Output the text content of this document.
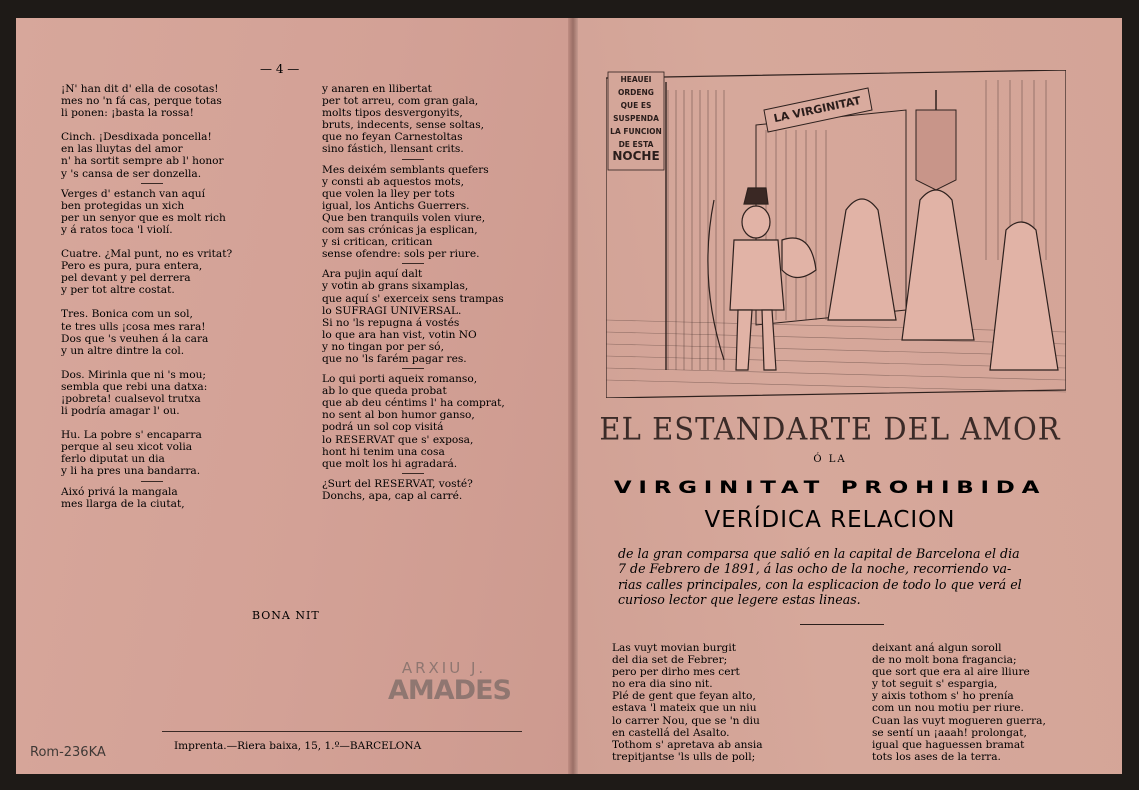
— 4 —

¡N' han dit d' ella de cosotas!

mes no 'n fá cas, perque totas

li ponen: ¡basta la rossa!

Cinch. ¡Desdixada poncella!

en las lluytas del amor

n' ha sortit sempre ab l' honor

y 's cansa de ser donzella.

Verges d' estanch van aquí

ben protegidas un xich

per un senyor que es molt rich

y á ratos toca 'l violí.

Cuatre. ¿Mal punt, no es vritat?

Pero es pura, pura entera,

pel devant y pel derrera

y per tot altre costat.

Tres. Bonica com un sol,

te tres ulls ¡cosa mes rara!

Dos que 's veuhen á la cara

y un altre dintre la col.

Dos. Mirinla que ni 's mou;

sembla que rebi una datxa:

¡pobreta! cualsevol trutxa

li podría amagar l' ou.

Hu. La pobre s' encaparra

perque al seu xicot volia

ferlo diputat un dia

y li ha pres una bandarra.

Aixó privá la mangala

mes llarga de la ciutat,

y anaren en llibertat

per tot arreu, com gran gala,

molts tipos desvergonyits,

bruts, indecents, sense soltas,

que no feyan Carnestoltas

sino fástich, llensant crits.

Mes deixém semblants quefers

y consti ab aquestos mots,

que volen la lley per tots

igual, los Antichs Guerrers.

Que ben tranquils volen viure,

com sas crónicas ja esplican,

y si critican, critican

sense ofendre: sols per riure.

Ara pujin aquí dalt

y votin ab grans sixamplas,

que aquí s' exerceix sens trampas

lo SUFRAGI UNIVERSAL.

Si no 'ls repugna á vostés

lo que ara han vist, votin NO

y no tingan por per só,

que no 'ls farém pagar res.

Lo qui porti aqueix romanso,

ab lo que queda probat

que ab deu céntims l' ha comprat,

no sent al bon humor ganso,

podrá un sol cop visitá

lo RESERVAT que s' exposa,

hont hi tenim una cosa

que molt los hi agradará.

¿Surt del RESERVAT, vosté?

Donchs, apa, cap al carré.

BONA NIT
ARXIU J.
AMADES
Imprenta.—Riera baixa, 15, 1.º—BARCELONA
Rom-236KA
HEAUEI
ORDENG
QUE ES
SUSPENDA
LA FUNCION
DE ESTA
NOCHE
LA VIRGINITAT
EL ESTANDARTE DEL AMOR
Ó LA
VIRGINITAT PROHIBIDA
VERÍDICA RELACION

de la gran comparsa que salió en la capital de Barcelona el dia

7 de Febrero de 1891, á las ocho de la noche, recorriendo va-

rias calles principales, con la esplicacion de todo lo que verá el

curioso lector que legere estas lineas.

Las vuyt movian burgit

del dia set de Febrer;

pero per dirho mes cert

no era dia sino nit.

Plé de gent que feyan alto,

estava 'l mateix que un niu

lo carrer Nou, que se 'n diu

en castellá del Asalto.

Tothom s' apretava ab ansia

trepitjantse 'ls ulls de poll;

deixant aná algun soroll

de no molt bona fragancia;

que sort que era al aire lliure

y tot seguit s' espargia,

y aixis tothom s' ho prenía

com un nou motiu per riure.

Cuan las vuyt mogueren guerra,

se sentí un ¡aaah! prolongat,

igual que haguessen bramat

tots los ases de la terra.
